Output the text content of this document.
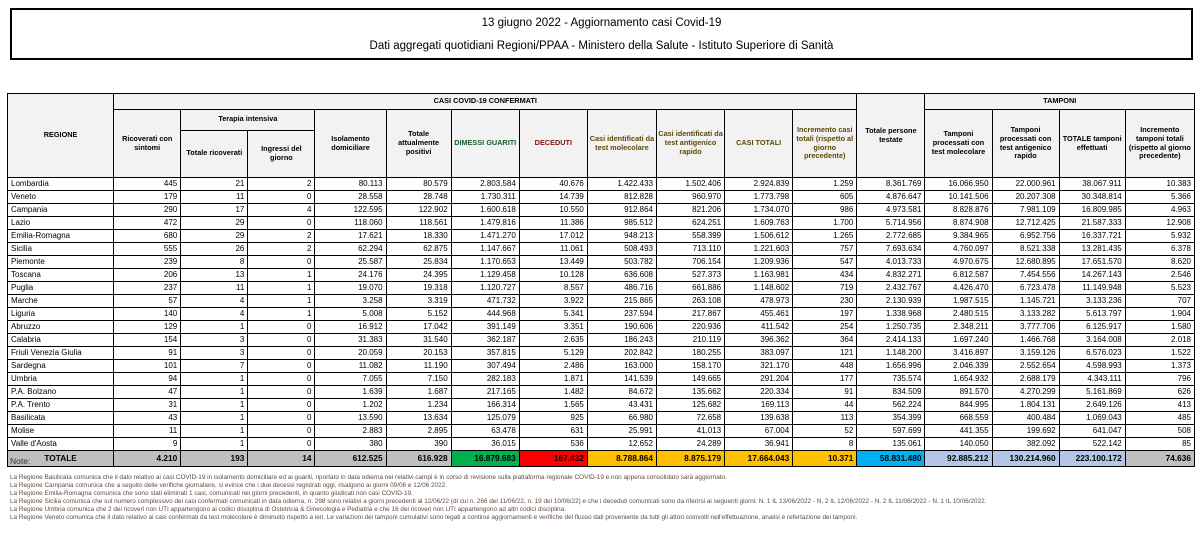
13 giugno 2022 - Aggiornamento casi Covid-19
Dati aggregati quotidiani Regioni/PPAA - Ministero della Salute - Istituto Superiore di Sanità
REGIONE	CASI COVID-19 CONFERMATI											Totale persone testate	TAMPONI			
	Ricoverati con sintomi	Terapia intensiva		Isolamento domiciliare	Totale attualmente positivi	DIMESSI GUARITI	DECEDUTI	Casi identificati da test molecolare	Casi identificati da test antigenico rapido	CASI TOTALI	Incremento casi totali (rispetto al giorno precedente)		Tamponi processati con test molecolare	Tamponi processati con test antigenico rapido	TOTALE tamponi effettuati	Incremento tamponi totali (rispetto al giorno precedente)
		Totale ricoverati	Ingressi del giorno													
Lombardia	445	21	2	80.113	80.579	2.803.584	40.676	1.422.433	1.502.406	2.924.839	1.259	8.361.769	16.066.950	22.000.961	38.067.911	10.383
Veneto	179	11	0	28.558	28.748	1.730.311	14.739	812.828	960.970	1.773.798	605	4.876.647	10.141.506	20.207.308	30.348.814	5.366
Campania	290	17	4	122.595	122.902	1.600.618	10.550	912.864	821.206	1.734.070	986	4.973.581	8.828.876	7.981.109	16.809.985	4.963
Lazio	472	29	0	118.060	118.561	1.479.816	11.386	985.512	624.251	1.609.763	1.700	5.714.956	8.874.908	12.712.425	21.587.333	12.908
Emilia-Romagna	680	29	2	17.621	18.330	1.471.270	17.012	948.213	558.399	1.506.612	1.265	2.772.685	9.384.965	6.952.756	16.337.721	5.932
Sicilia	555	26	2	62.294	62.875	1.147.667	11.061	508.493	713.110	1.221.603	757	7.693.634	4.760.097	8.521.338	13.281.435	6.378
Piemonte	239	8	0	25.587	25.834	1.170.653	13.449	503.782	706.154	1.209.936	547	4.013.733	4.970.675	12.680.895	17.651.570	8.620
Toscana	206	13	1	24.176	24.395	1.129.458	10.128	636.608	527.373	1.163.981	434	4.832.271	6.812.587	7.454.556	14.267.143	2.546
Puglia	237	11	1	19.070	19.318	1.120.727	8.557	486.716	661.886	1.148.602	719	2.432.767	4.426.470	6.723.478	11.149.948	5.523
Marche	57	4	1	3.258	3.319	471.732	3.922	215.865	263.108	478.973	230	2.130.939	1.987.515	1.145.721	3.133.236	707
Liguria	140	4	1	5.008	5.152	444.968	5.341	237.594	217.867	455.461	197	1.338.968	2.480.515	3.133.282	5.613.797	1.904
Abruzzo	129	1	0	16.912	17.042	391.149	3.351	190.606	220.936	411.542	254	1.250.735	2.348.211	3.777.706	6.125.917	1.580
Calabria	154	3	0	31.383	31.540	362.187	2.635	186.243	210.119	396.362	364	2.414.133	1.697.240	1.466.768	3.164.008	2.018
Friuli Venezia Giulia	91	3	0	20.059	20.153	357.815	5.129	202.842	180.255	383.097	121	1.148.200	3.416.897	3.159.126	6.576.023	1.522
Sardegna	101	7	0	11.082	11.190	307.494	2.486	163.000	158.170	321.170	448	1.656.996	2.046.339	2.552.654	4.598.993	1.373
Umbria	94	1	0	7.055	7.150	282.183	1.871	141.539	149.665	291.204	177	735.574	1.654.932	2.688.179	4.343.111	796
P.A. Bolzano	47	1	0	1.639	1.687	217.165	1.482	84.672	135.662	220.334	91	834.509	891.570	4.270.299	5.161.869	626
P.A. Trento	31	1	0	1.202	1.234	166.314	1.565	43.431	125.682	169.113	44	562.224	844.995	1.804.131	2.649.126	413
Basilicata	43	1	0	13.590	13.634	125.079	925	66.980	72.658	139.638	113	354.399	668.559	400.484	1.069.043	485
Molise	11	1	0	2.883	2.895	63.478	631	25.991	41.013	67.004	52	597.699	441.355	199.692	641.047	508
Valle d'Aosta	9	1	0	380	390	36.015	536	12.652	24.289	36.941	8	135.061	140.050	382.092	522.142	85
TOTALE	4.210	193	14	612.525	616.928	16.879.683	167.432	8.788.864	8.875.179	17.664.043	10.371	58.831.480	92.885.212	130.214.960	223.100.172	74.636
Note:
La Regione Basilicata comunica che il dato relativo ai casi COVID-19 in isolamento domiciliare ed ai guariti, riportato in data odierna nei relativi campi è in corso di revisione sulla piattaforma regionale COVID-19 e non appena consolidato sarà aggiornato.
La Regione Campania comunica che a seguito delle verifiche giornaliere, si evince che i due decessi registrati oggi, risalgono ai giorni 09/06 e 12/06 2022.
La Regione Emilia-Romagna comunica che sono stati eliminati 1 casi, comunicati nei giorni precedenti, in quanto giudicati non casi COVID-19.
La Regione Sicilia comunica che sul numero complessivo dei casi confermati comunicati in data odierna, n. 298 sono relativi a giorni precedenti al 12/06/22 (di cui n. 266 del 11/06/22, n. 19 del 10/06/22) e che i deceduti comunicati sono da riferirsi ai seguenti giorni: N. 1 IL 13/06/2022 - N. 2 IL 12/06/2022 - N. 2 IL 11/06/2022 - N. 1 IL 10/06/2022.
La Regione Umbria comunica che 2 dei ricoveri non UTI appartengono ai codici disciplina di Ostetricia & Ginecologia e Pediatria e che 16 dei ricoveri non UTI appartengono ad altri codici disciplina.
La Regione Veneto comunica che il dato relativo ai casi confermati da test molecolare è diminuito rispetto a ieri. Le variazioni dei tamponi cumulativi sono legati a continui aggiornamenti e verifiche del flusso dati proveniente da tutti gli attori coinvolti nell'effettuazione, analisi e refertazione dei tamponi.
